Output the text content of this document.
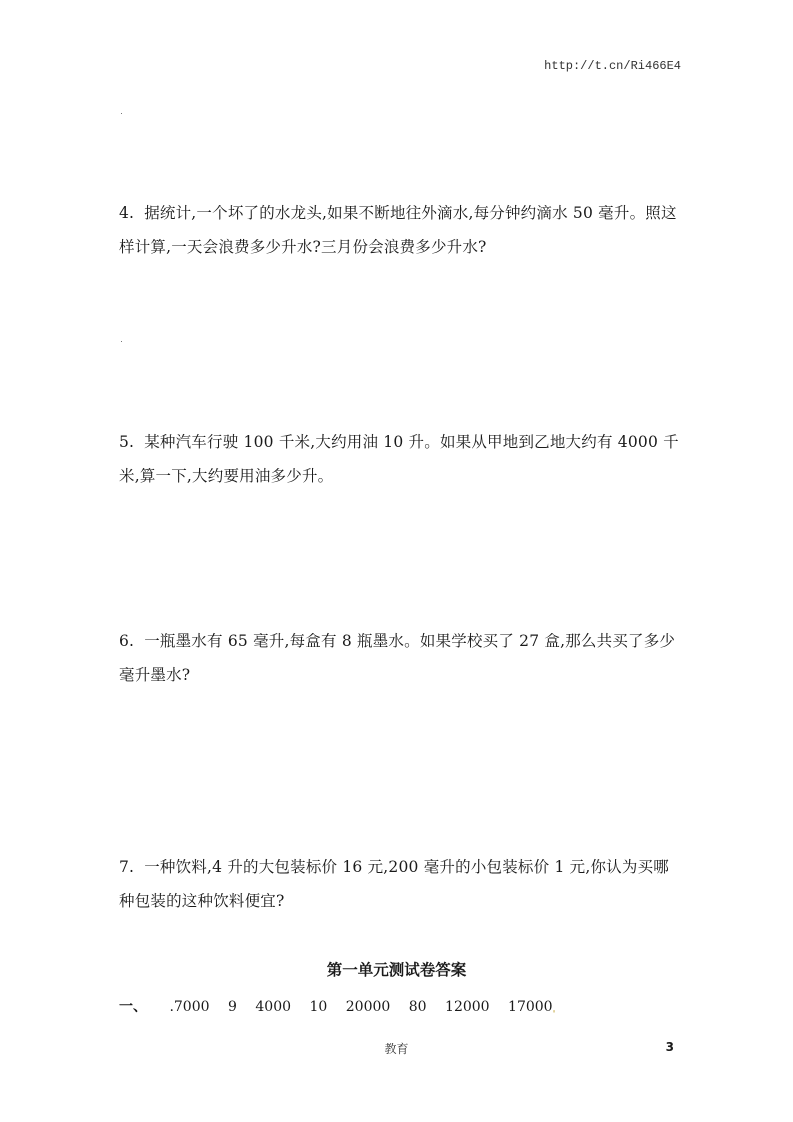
http://t.cn/Ri466E4
4. 据统计,一个坏了的水龙头,如果不断地往外滴水,每分钟约滴水 50 毫升。照这样计算,一天会浪费多少升水?三月份会浪费多少升水?
5. 某种汽车行驶 100 千米,大约用油 10 升。如果从甲地到乙地大约有 4000 千米,算一下,大约要用油多少升。
6. 一瓶墨水有 65 毫升,每盒有 8 瓶墨水。如果学校买了 27 盒,那么共买了多少毫升墨水?
7. 一种饮料,4 升的大包装标价 16 元,200 毫升的小包装标价 1 元,你认为买哪种包装的这种饮料便宜?
第一单元测试卷答案
一、 .7000 9 4000 10 20000 80 12000 17000ˌ
教育	3
